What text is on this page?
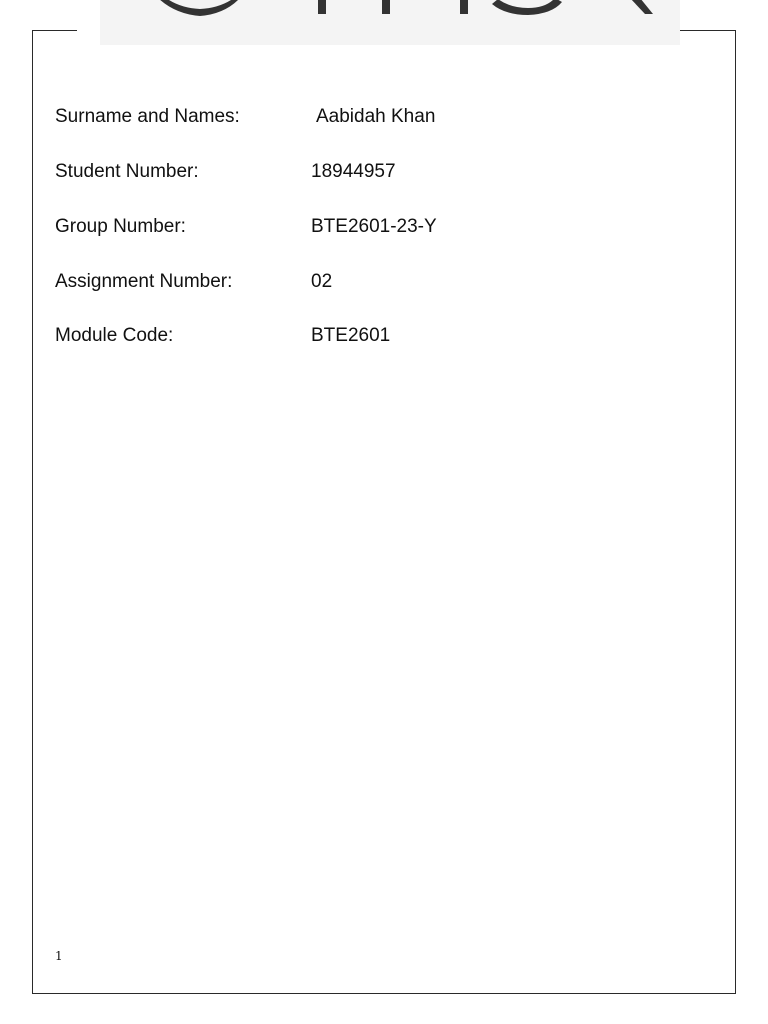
Surname and Names:	Aabidah Khan
Student Number:	18944957
Group Number:	BTE2601-23-Y
Assignment Number:	02
Module Code:	BTE2601
1
